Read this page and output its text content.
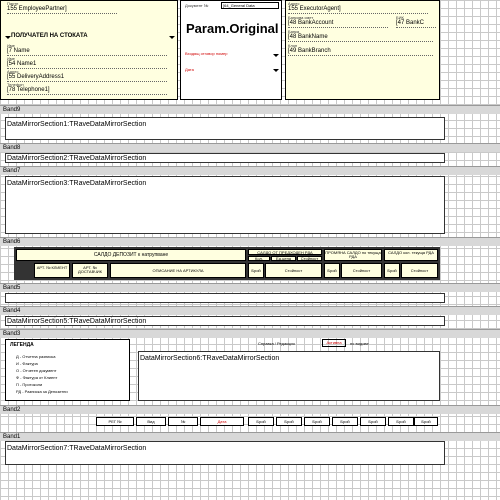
Партн
155 EmployeePartner]
ПОЛУЧАТЕЛ НА СТОКАТА
Име
[7 Name
Име
[54 Name1
Адрес
[55 DeliveryAddress1
Телефон
[78 Telephone1]
Документ №	[64_General Data
Param.Original
Входящ отговор номер
Дата
Адрес
155 ExecutorAgent]
Банкова смет
[48 BankAccount
БИК
[47 BankC
Банка
[48 BankName
Клон
[49 BankBranch
Band9
DataMirrorSection1:TRaveDataMirrorSection
Band8
DataMirrorSection2:TRaveDataMirrorSection
Band7
DataMirrorSection3:TRaveDataMirrorSection
Band6
САЛДО ДЕПОЗИТ к натрупване
АРТ. № КЛИЕНТ	АРТ. № ДОСТАВЧИК	ОПИСАНИЕ НА АРТИКУЛА
САЛДО ОТ ПРЕДХОДЕН РДА
Кол.	Ед.цена	Стойност
ПРОМЯНА САЛДО по текуща РДА
САЛДО кол. текуща РДА
Брой	Стойност	Брой	Стойност	Брой	Стойност
Band5
Band4
DataMirrorSection5:TRaveDataMirrorSection
Band3
ЛЕГЕНДА
Д - Отчетна разписка
И - Фактура
О - Отчетен документ
Ф - Фактура от Клиент
П - Протоколи
РД - Разписка за Депозитни
Справка / Редакция	Активна	по видове
DataMirrorSection6:TRaveDataMirrorSection
Band2
РЕГ №	Вид	№	Дата	Брой	Брой	Брой	Брой	Брой	Брой	Брой
Band1
DataMirrorSection7:TRaveDataMirrorSection
